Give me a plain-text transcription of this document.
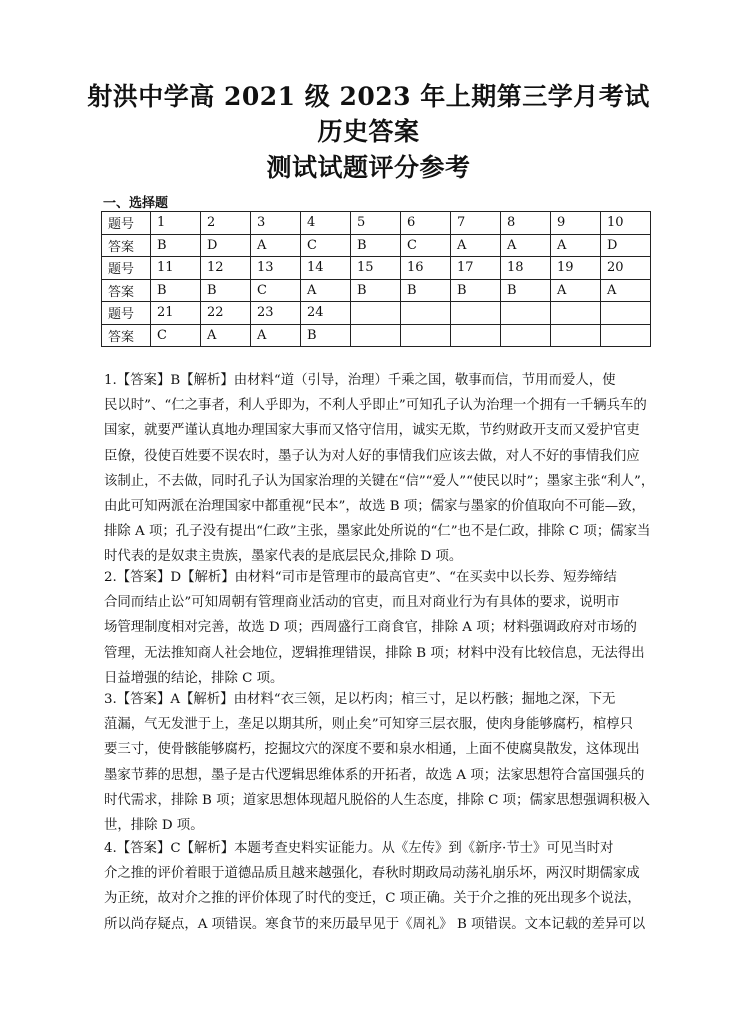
射洪中学高 2021 级 2023 年上期第三学月考试
历史答案
测试试题评分参考
一、选择题
题号	1	2	3	4	5	6	7	8	9	10
答案	B	D	A	C	B	C	A	A	A	D
题号	11	12	13	14	15	16	17	18	19	20
答案	B	B	C	A	B	B	B	B	A	A
题号	21	22	23	24						
答案	C	A	A	B						
1.【答案】B【解析】由材料“道（引导，治理）千乘之国，敬事而信，节用而爱人，使
民以时”、“仁之事者，利人乎即为，不利人乎即止”可知孔子认为治理一个拥有一千辆兵车的
国家，就要严谨认真地办理国家大事而又恪守信用，诚实无欺，节约财政开支而又爱护官吏
臣僚，役使百姓要不误农时，墨子认为对人好的事情我们应该去做，对人不好的事情我们应
该制止，不去做，同时孔子认为国家治理的关键在“信”“爱人”“使民以时”；墨家主张“利人”，
由此可知两派在治理国家中都重视“民本”，故选 B 项；儒家与墨家的价值取向不可能—致，
排除 A 项；孔子没有提出“仁政”主张，墨家此处所说的“仁”也不是仁政，排除 C 项；儒家当
时代表的是奴隶主贵族，墨家代表的是底层民众,排除 D 项。
2.【答案】D【解析】由材料“司市是管理市的最高官吏”、“在买卖中以长券、短券缔结
合同而结止讼”可知周朝有管理商业活动的官吏，而且对商业行为有具体的要求，说明市
场管理制度相对完善，故选 D 项；西周盛行工商食官，排除 A 项；材料强调政府对市场的
管理，无法推知商人社会地位，逻辑推理错误，排除 B 项；材料中没有比较信息，无法得出
日益增强的结论，排除 C 项。
3.【答案】A【解析】由材料“衣三领，足以朽肉；棺三寸，足以朽骸；掘地之深，下无
菹漏，气无发泄于上，垄足以期其所，则止矣”可知穿三层衣服，使肉身能够腐朽，棺椁只
要三寸，使骨骸能够腐朽，挖掘坟穴的深度不要和泉水相通，上面不使腐臭散发，这体现出
墨家节葬的思想，墨子是古代逻辑思维体系的开拓者，故选 A 项；法家思想符合富国强兵的
时代需求，排除 B 项；道家思想体现超凡脱俗的人生态度，排除 C 项；儒家思想强调积极入
世，排除 D 项。
4.【答案】C【解析】本题考查史料实证能力。从《左传》到《新序·节士》可见当时对
介之推的评价着眼于道德品质且越来越强化，春秋时期政局动荡礼崩乐坏，两汉时期儒家成
为正统，故对介之推的评价体现了时代的变迁，C 项正确。关于介之推的死出现多个说法，
所以尚存疑点，A 项错误。寒食节的来历最早见于《周礼》 B 项错误。文本记载的差异可以
